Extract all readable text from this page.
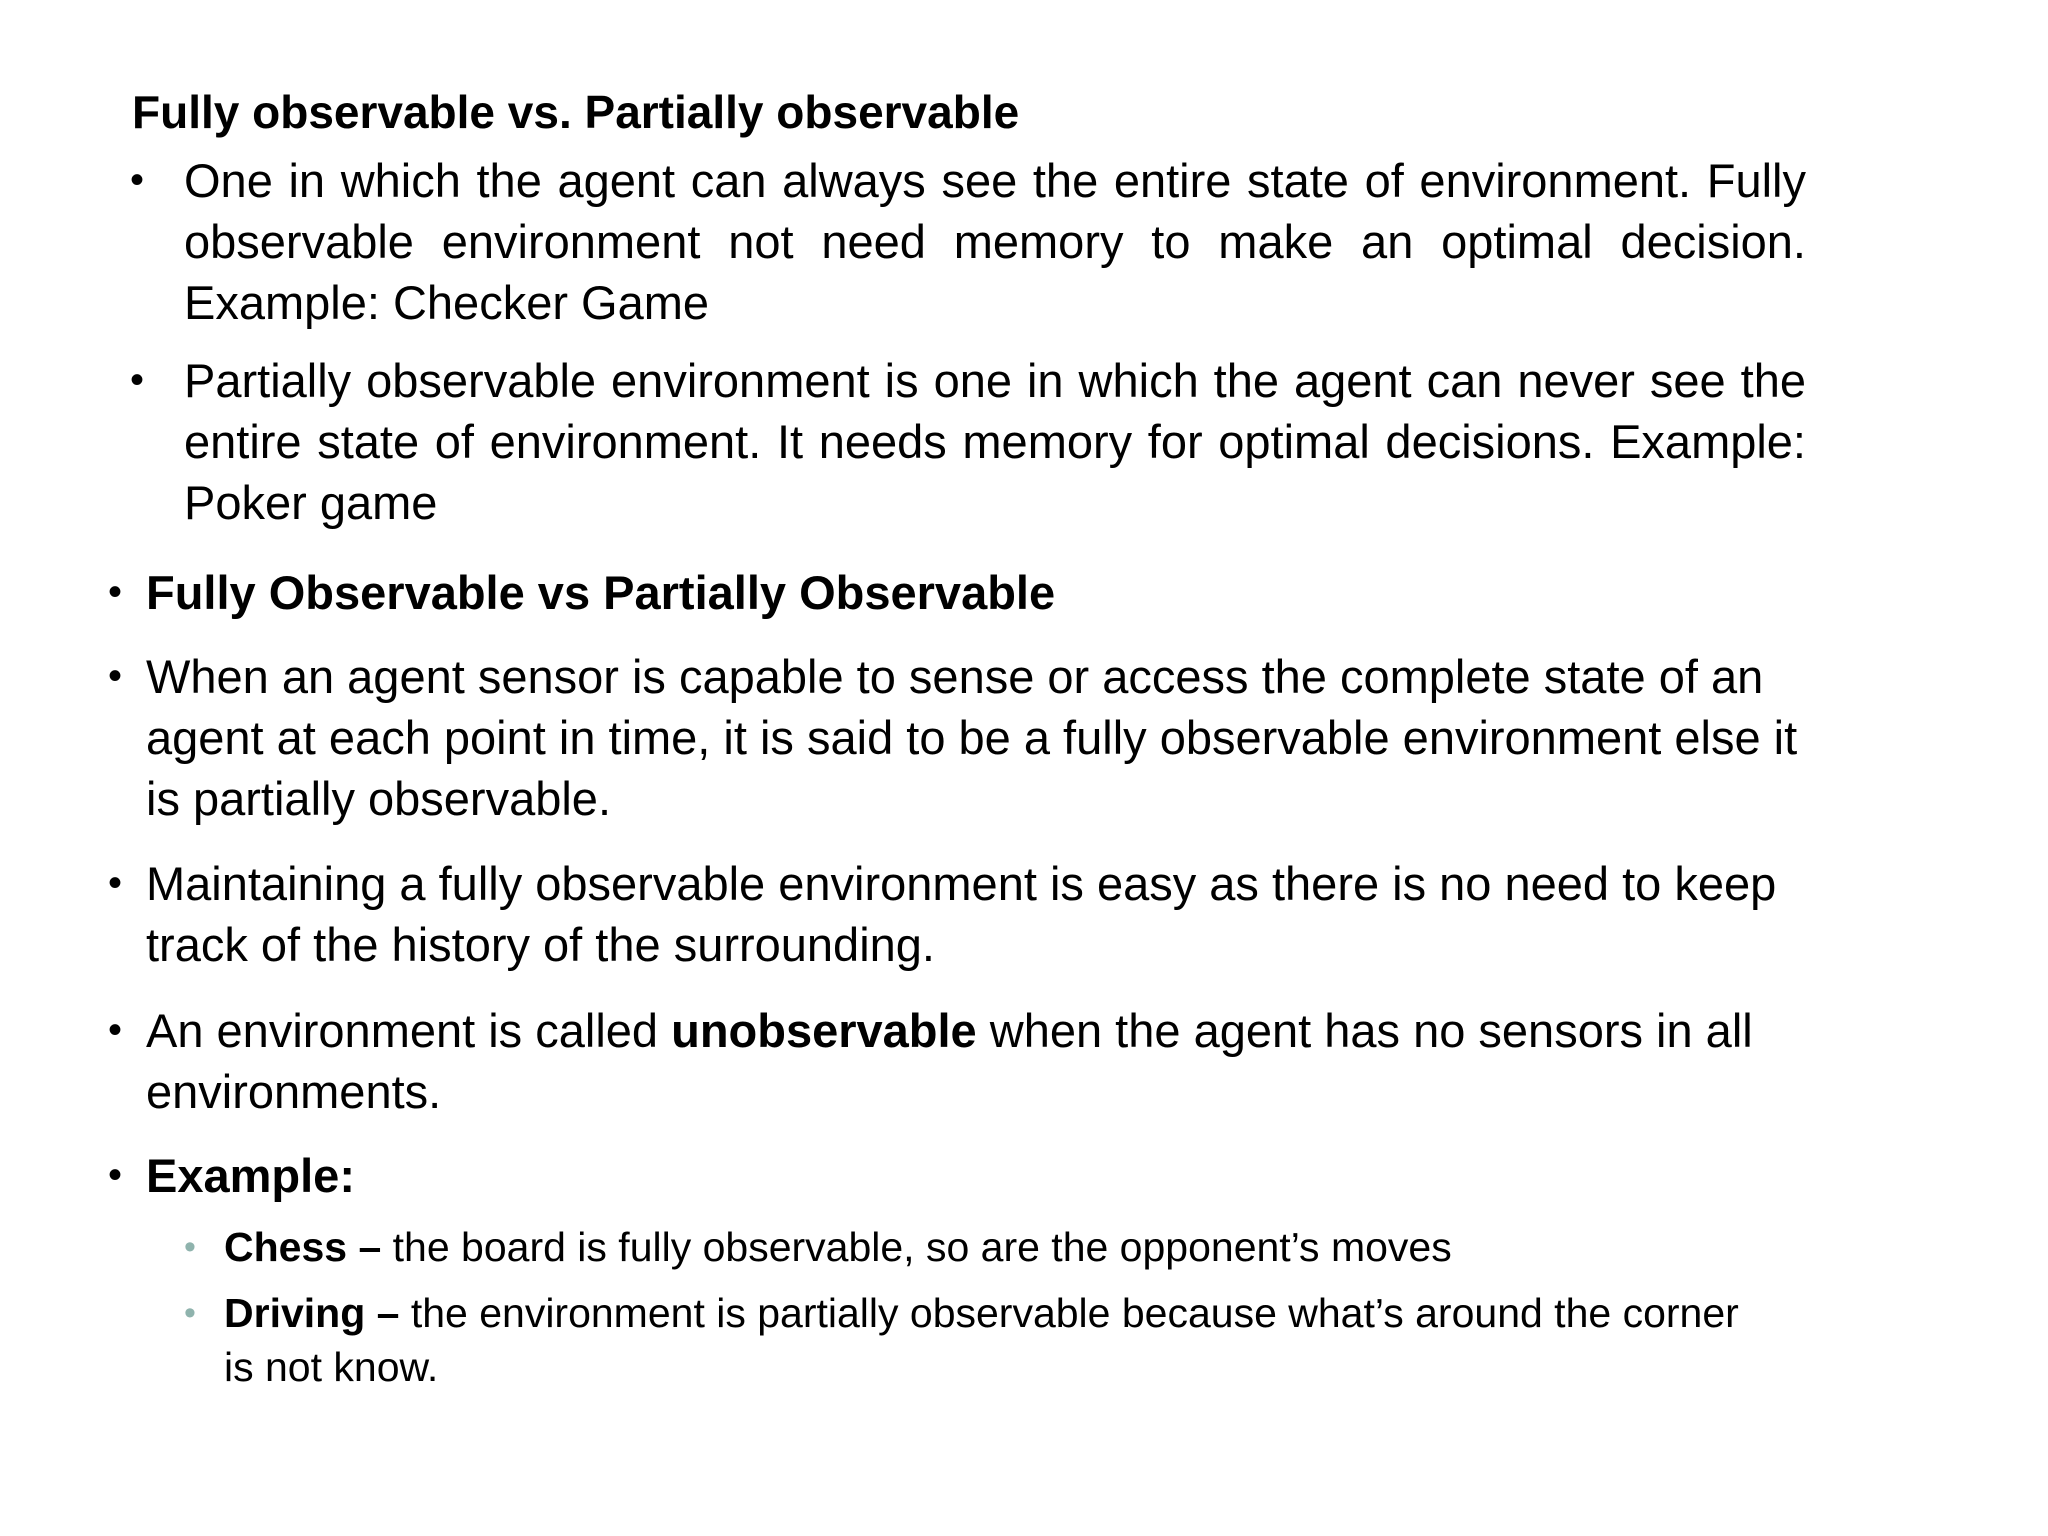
Fully observable vs. Partially observable
• One in which the agent can always see the entire state of environment. Fully observable environment not need memory to make an optimal decision. Example: Checker Game
• Partially observable environment is one in which the agent can never see the entire state of environment. It needs memory for optimal decisions. Example: Poker game
• Fully Observable vs Partially Observable
• When an agent sensor is capable to sense or access the complete state of an agent at each point in time, it is said to be a fully observable environment else it is partially observable.
• Maintaining a fully observable environment is easy as there is no need to keep track of the history of the surrounding.
• An environment is called unobservable when the agent has no sensors in all environments.
• Example:
• Chess – the board is fully observable, so are the opponent’s moves
• Driving – the environment is partially observable because what’s around the corner is not know.
